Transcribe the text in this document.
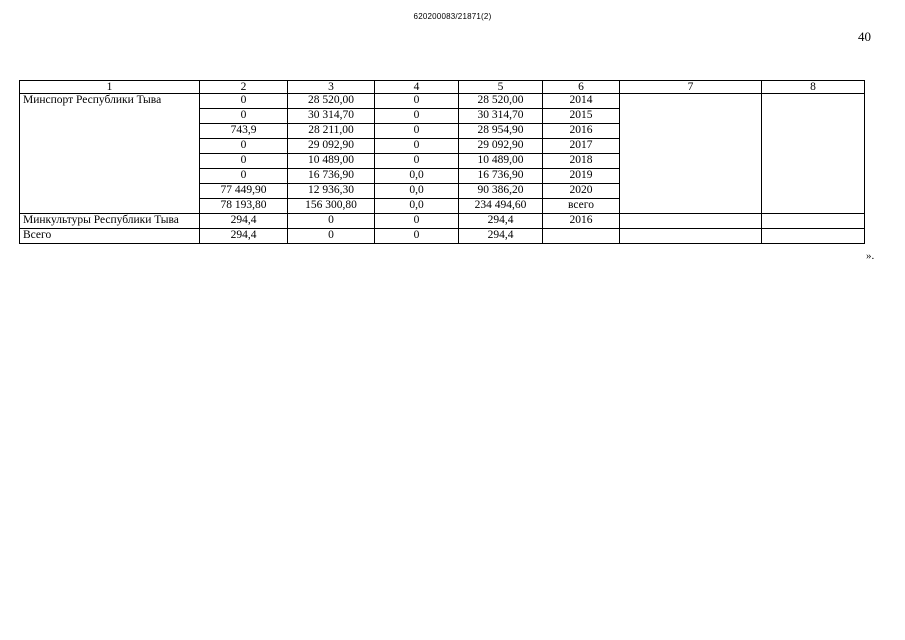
620200083/21871(2)
40
1	2	3	4	5	6	7	8
Минспорт Республики Тыва	0	28 520,00	0	28 520,00	2014		
	0	30 314,70	0	30 314,70	2015		
	743,9	28 211,00	0	28 954,90	2016		
	0	29 092,90	0	29 092,90	2017		
	0	10 489,00	0	10 489,00	2018		
	0	16 736,90	0,0	16 736,90	2019		
	77 449,90	12 936,30	0,0	90 386,20	2020		
	78 193,80	156 300,80	0,0	234 494,60	всего		
Минкультуры Республики Тыва	294,4	0	0	294,4	2016		
Всего	294,4	0	0	294,4			
».
